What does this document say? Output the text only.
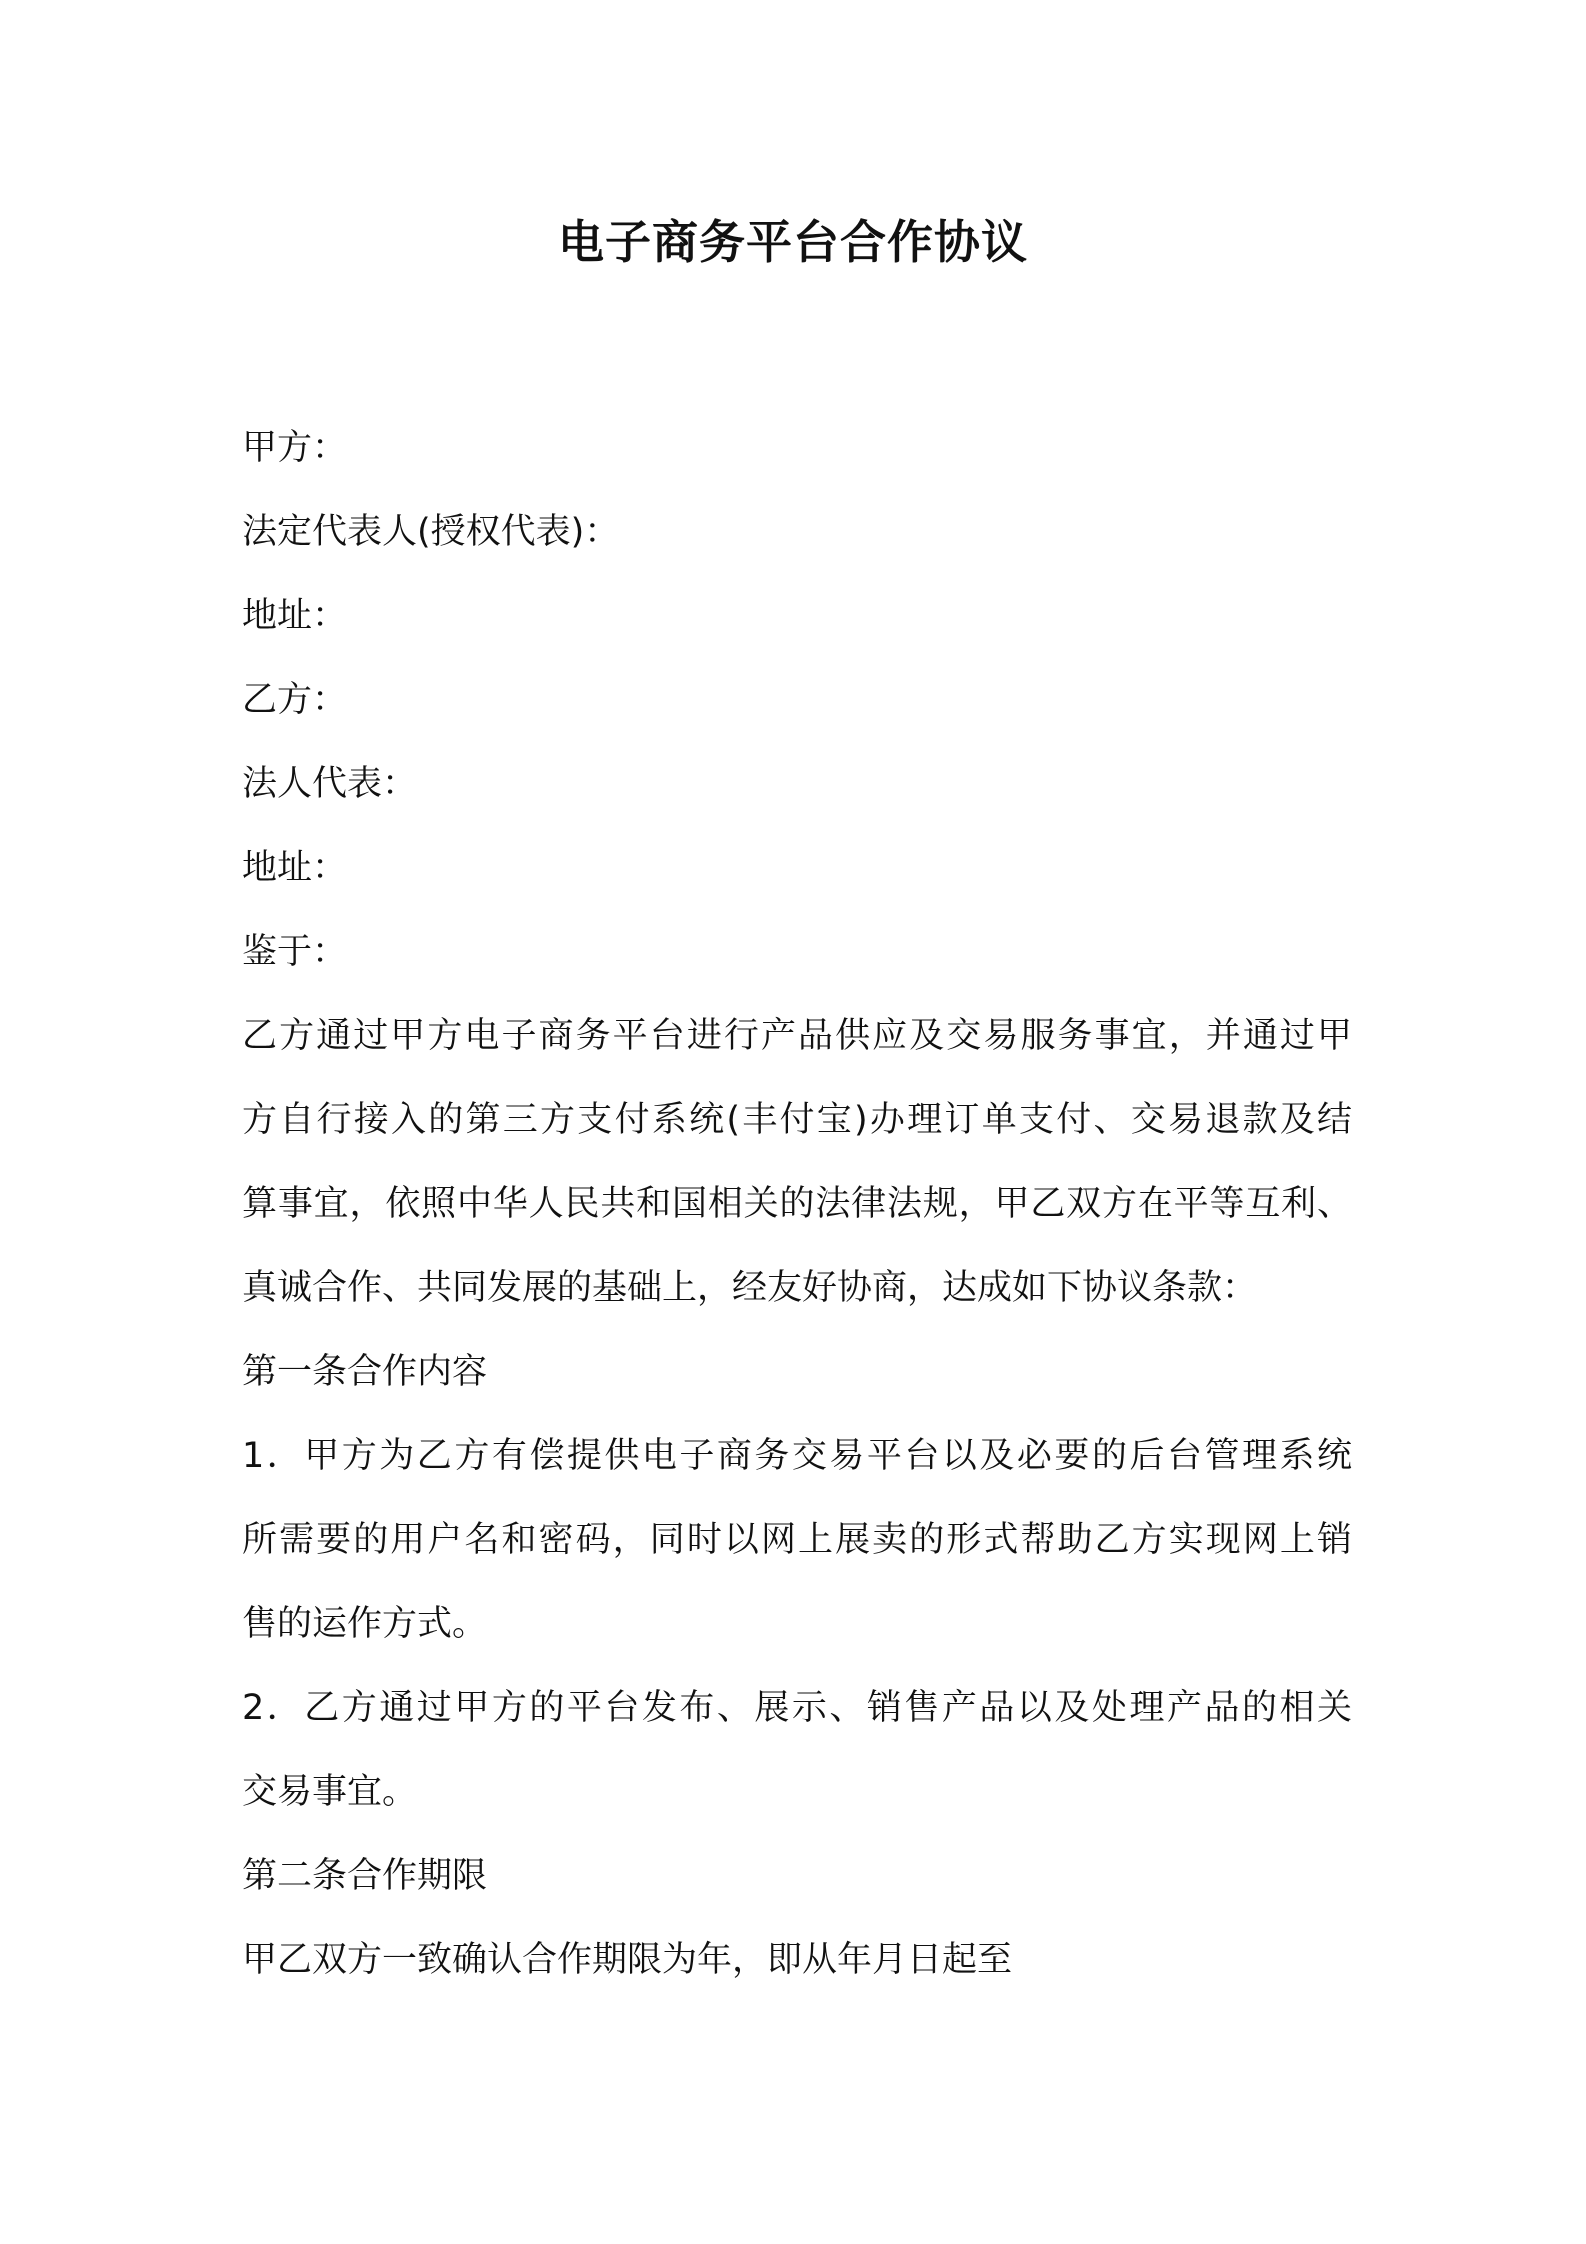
电子商务平台合作协议
甲方：
法定代表人(授权代表)：
地址：
乙方：
法人代表：
地址：
鉴于：
乙方通过甲方电子商务平台进行产品供应及交易服务事宜，并通过甲
方自行接入的第三方支付系统(丰付宝)办理订单支付、交易退款及结
算事宜，依照中华人民共和国相关的法律法规，甲乙双方在平等互利、
真诚合作、共同发展的基础上，经友好协商，达成如下协议条款：
第一条合作内容
1．甲方为乙方有偿提供电子商务交易平台以及必要的后台管理系统
所需要的用户名和密码，同时以网上展卖的形式帮助乙方实现网上销
售的运作方式。
2．乙方通过甲方的平台发布、展示、销售产品以及处理产品的相关
交易事宜。
第二条合作期限
甲乙双方一致确认合作期限为年，即从年月日起至
